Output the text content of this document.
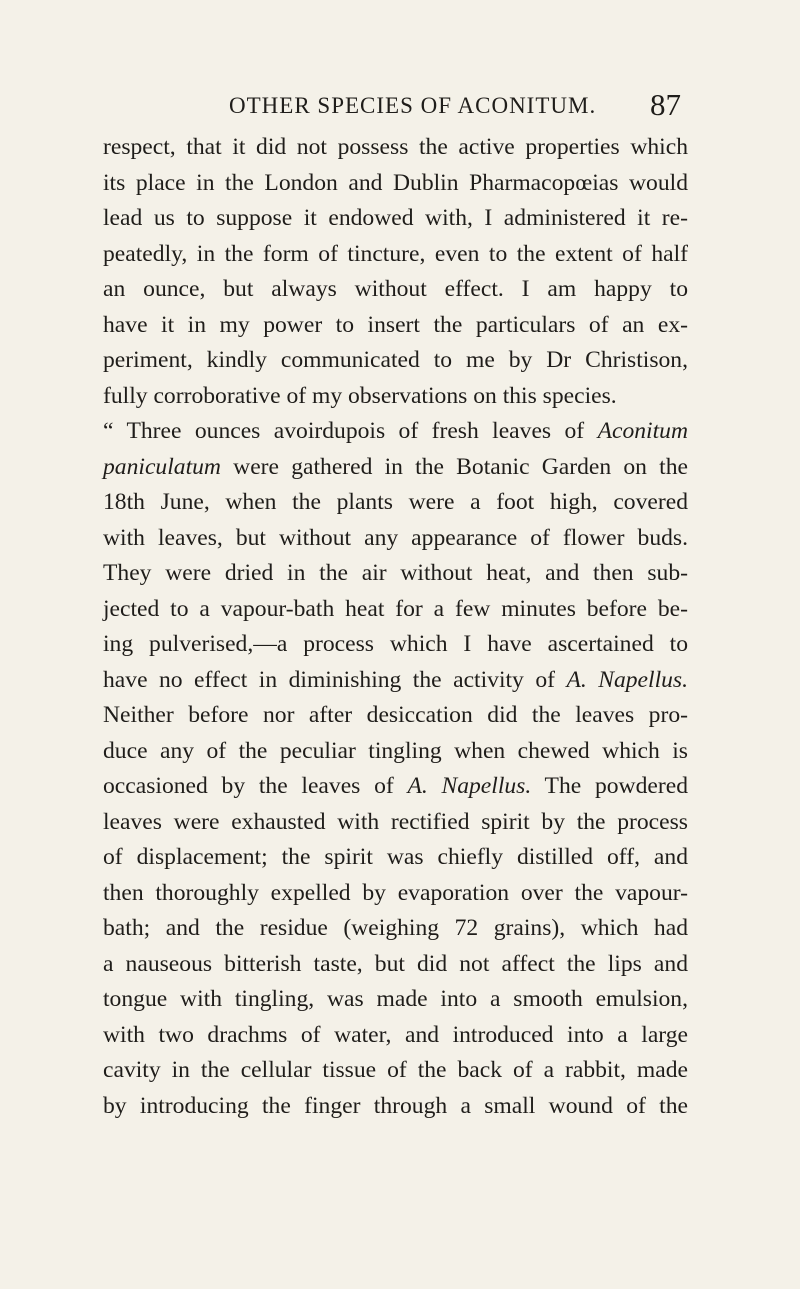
OTHER SPECIES OF ACONITUM. 87
respect, that it did not possess the active properties which
its place in the London and Dublin Pharmacopœias would
lead us to suppose it endowed with, I administered it re-
peatedly, in the form of tincture, even to the extent of half
an ounce, but always without effect. I am happy to
have it in my power to insert the particulars of an ex-
periment, kindly communicated to me by Dr Christison,
fully corroborative of my observations on this species.
“ Three ounces avoirdupois of fresh leaves of Aconitum
paniculatum were gathered in the Botanic Garden on the
18th June, when the plants were a foot high, covered
with leaves, but without any appearance of flower buds.
They were dried in the air without heat, and then sub-
jected to a vapour-bath heat for a few minutes before be-
ing pulverised,—a process which I have ascertained to
have no effect in diminishing the activity of A. Napellus.
Neither before nor after desiccation did the leaves pro-
duce any of the peculiar tingling when chewed which is
occasioned by the leaves of A. Napellus. The powdered
leaves were exhausted with rectified spirit by the process
of displacement; the spirit was chiefly distilled off, and
then thoroughly expelled by evaporation over the vapour-
bath; and the residue (weighing 72 grains), which had
a nauseous bitterish taste, but did not affect the lips and
tongue with tingling, was made into a smooth emulsion,
with two drachms of water, and introduced into a large
cavity in the cellular tissue of the back of a rabbit, made
by introducing the finger through a small wound of the
